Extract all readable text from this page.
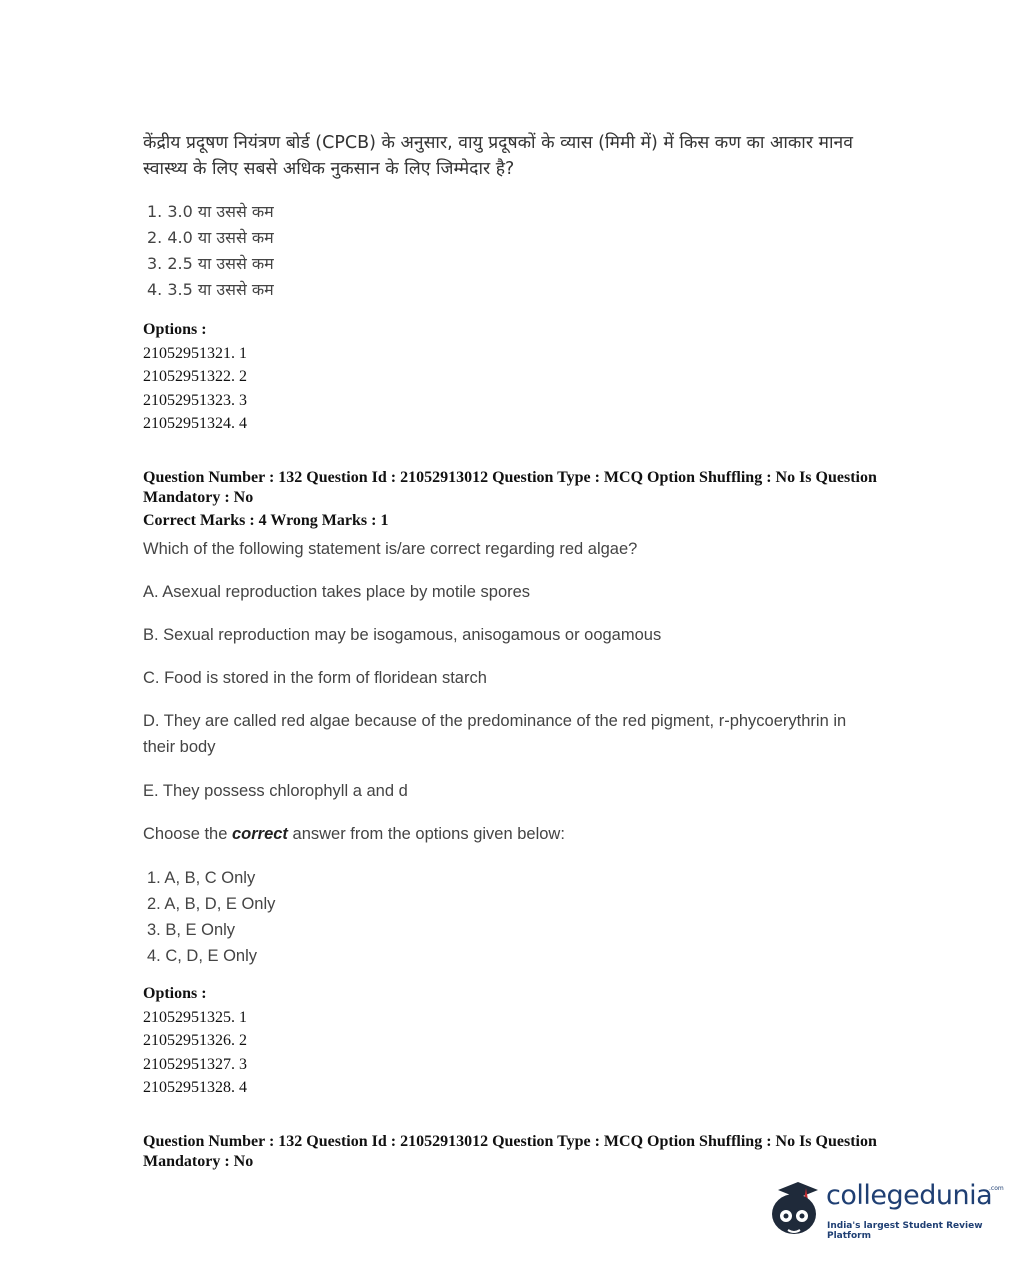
केंद्रीय प्रदूषण नियंत्रण बोर्ड (CPCB) के अनुसार, वायु प्रदूषकों के व्यास (मिमी में) में किस कण का आकार मानव स्वास्थ्य के लिए सबसे अधिक नुकसान के लिए जिम्मेदार है?
1. 3.0 या उससे कम
2. 4.0 या उससे कम
3. 2.5 या उससे कम
4. 3.5 या उससे कम
Options :
21052951321. 1
21052951322. 2
21052951323. 3
21052951324. 4
Question Number : 132 Question Id : 21052913012 Question Type : MCQ Option Shuffling : No Is Question Mandatory : No
Correct Marks : 4 Wrong Marks : 1
Which of the following statement is/are correct regarding red algae?
A. Asexual reproduction takes place by motile spores
B. Sexual reproduction may be isogamous, anisogamous or oogamous
C. Food is stored in the form of floridean starch
D. They are called red algae because of the predominance of the red pigment, r-phycoerythrin in their body
E. They possess chlorophyll a and d
Choose the correct answer from the options given below:
1. A, B, C Only
2. A, B, D, E Only
3. B, E Only
4. C, D, E Only
Options :
21052951325. 1
21052951326. 2
21052951327. 3
21052951328. 4
Question Number : 132 Question Id : 21052913012 Question Type : MCQ Option Shuffling : No Is Question Mandatory : No
collegedunia
.com
India's largest Student Review Platform
